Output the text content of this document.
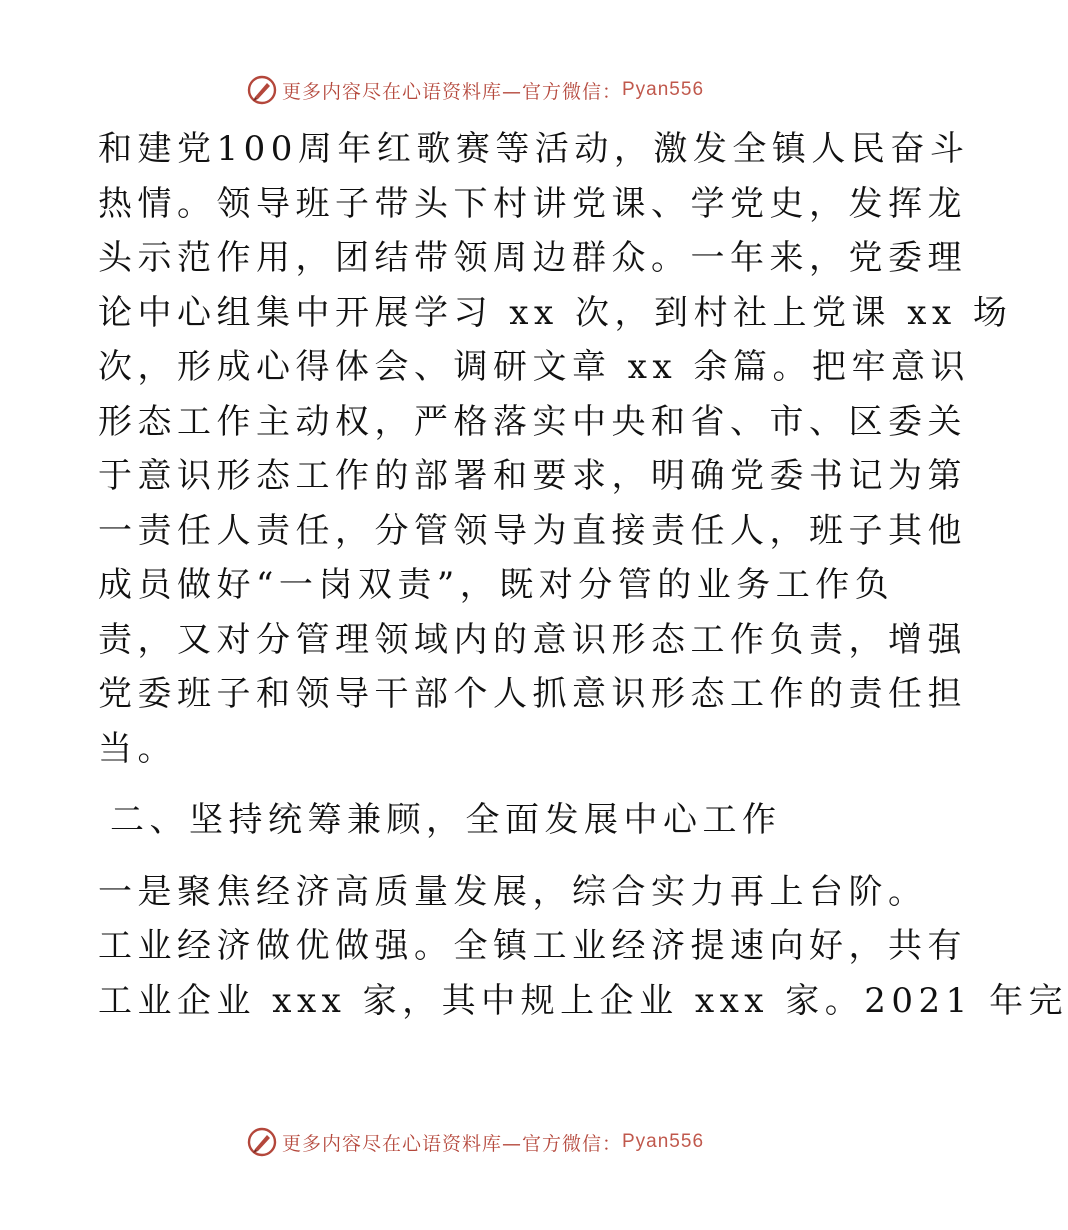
更多内容尽在心语资料库—官方微信： Pyan556
和建党100周年红歌赛等活动，激发全镇人民奋斗
热情。领导班子带头下村讲党课、学党史，发挥龙
头示范作用，团结带领周边群众。一年来，党委理
论中心组集中开展学习 xx 次，到村社上党课 xx 场
次，形成心得体会、调研文章 xx 余篇。把牢意识
形态工作主动权，严格落实中央和省、市、区委关
于意识形态工作的部署和要求，明确党委书记为第
一责任人责任，分管领导为直接责任人，班子其他
成员做好“一岗双责”，既对分管的业务工作负
责，又对分管理领域内的意识形态工作负责，增强
党委班子和领导干部个人抓意识形态工作的责任担
当。
二、坚持统筹兼顾，全面发展中心工作
一是聚焦经济高质量发展，综合实力再上台阶。
工业经济做优做强。全镇工业经济提速向好，共有
工业企业 xxx 家，其中规上企业 xxx 家。2021 年完
更多内容尽在心语资料库—官方微信： Pyan556
